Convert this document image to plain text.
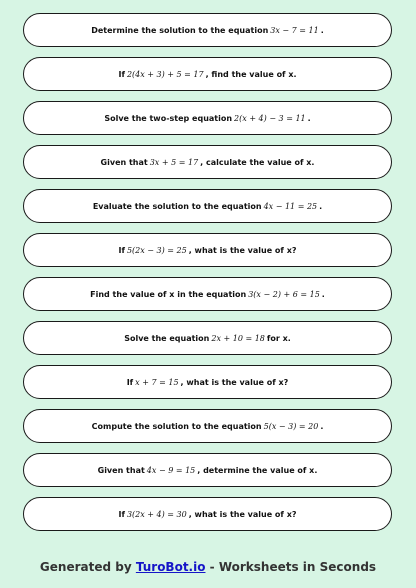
Determine the solution to the equation 3x − 7 = 11 .
If 2(4x + 3) + 5 = 17 , find the value of x.
Solve the two-step equation 2(x + 4) − 3 = 11 .
Given that 3x + 5 = 17 , calculate the value of x.
Evaluate the solution to the equation 4x − 11 = 25 .
If 5(2x − 3) = 25 , what is the value of x?
Find the value of x in the equation 3(x − 2) + 6 = 15 .
Solve the equation 2x + 10 = 18 for x.
If x + 7 = 15 , what is the value of x?
Compute the solution to the equation 5(x − 3) = 20 .
Given that 4x − 9 = 15 , determine the value of x.
If 3(2x + 4) = 30 , what is the value of x?
Generated by TuroBot.io - Worksheets in Seconds
